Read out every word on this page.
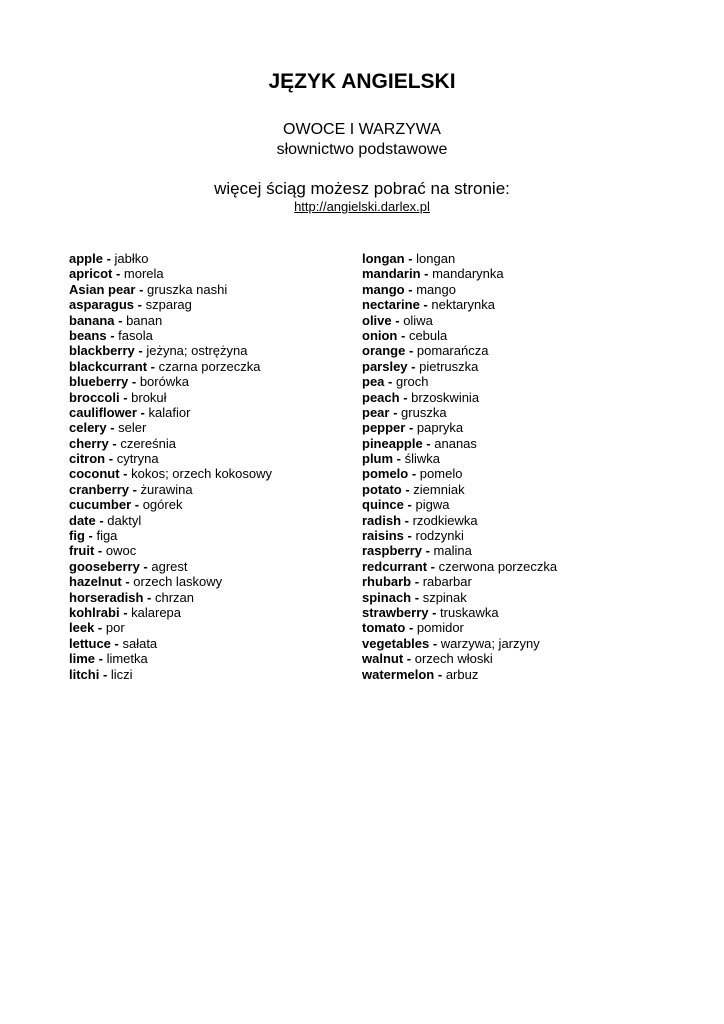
JĘZYK ANGIELSKI
OWOCE I WARZYWA
słownictwo podstawowe
więcej ściąg możesz pobrać na stronie:
http://angielski.darlex.pl
apple - jabłko
apricot - morela
Asian pear - gruszka nashi
asparagus - szparag
banana - banan
beans - fasola
blackberry - jeżyna; ostrężyna
blackcurrant - czarna porzeczka
blueberry - borówka
broccoli - brokuł
cauliflower - kalafior
celery - seler
cherry - czereśnia
citron - cytryna
coconut - kokos; orzech kokosowy
cranberry - żurawina
cucumber - ogórek
date - daktyl
fig - figa
fruit - owoc
gooseberry - agrest
hazelnut - orzech laskowy
horseradish - chrzan
kohlrabi - kalarepa
leek - por
lettuce - sałata
lime - limetka
litchi - liczi
longan - longan
mandarin - mandarynka
mango - mango
nectarine - nektarynka
olive - oliwa
onion - cebula
orange - pomarańcza
parsley - pietruszka
pea - groch
peach - brzoskwinia
pear - gruszka
pepper - papryka
pineapple - ananas
plum - śliwka
pomelo - pomelo
potato - ziemniak
quince - pigwa
radish - rzodkiewka
raisins - rodzynki
raspberry - malina
redcurrant - czerwona porzeczka
rhubarb - rabarbar
spinach - szpinak
strawberry - truskawka
tomato - pomidor
vegetables - warzywa; jarzyny
walnut - orzech włoski
watermelon - arbuz
